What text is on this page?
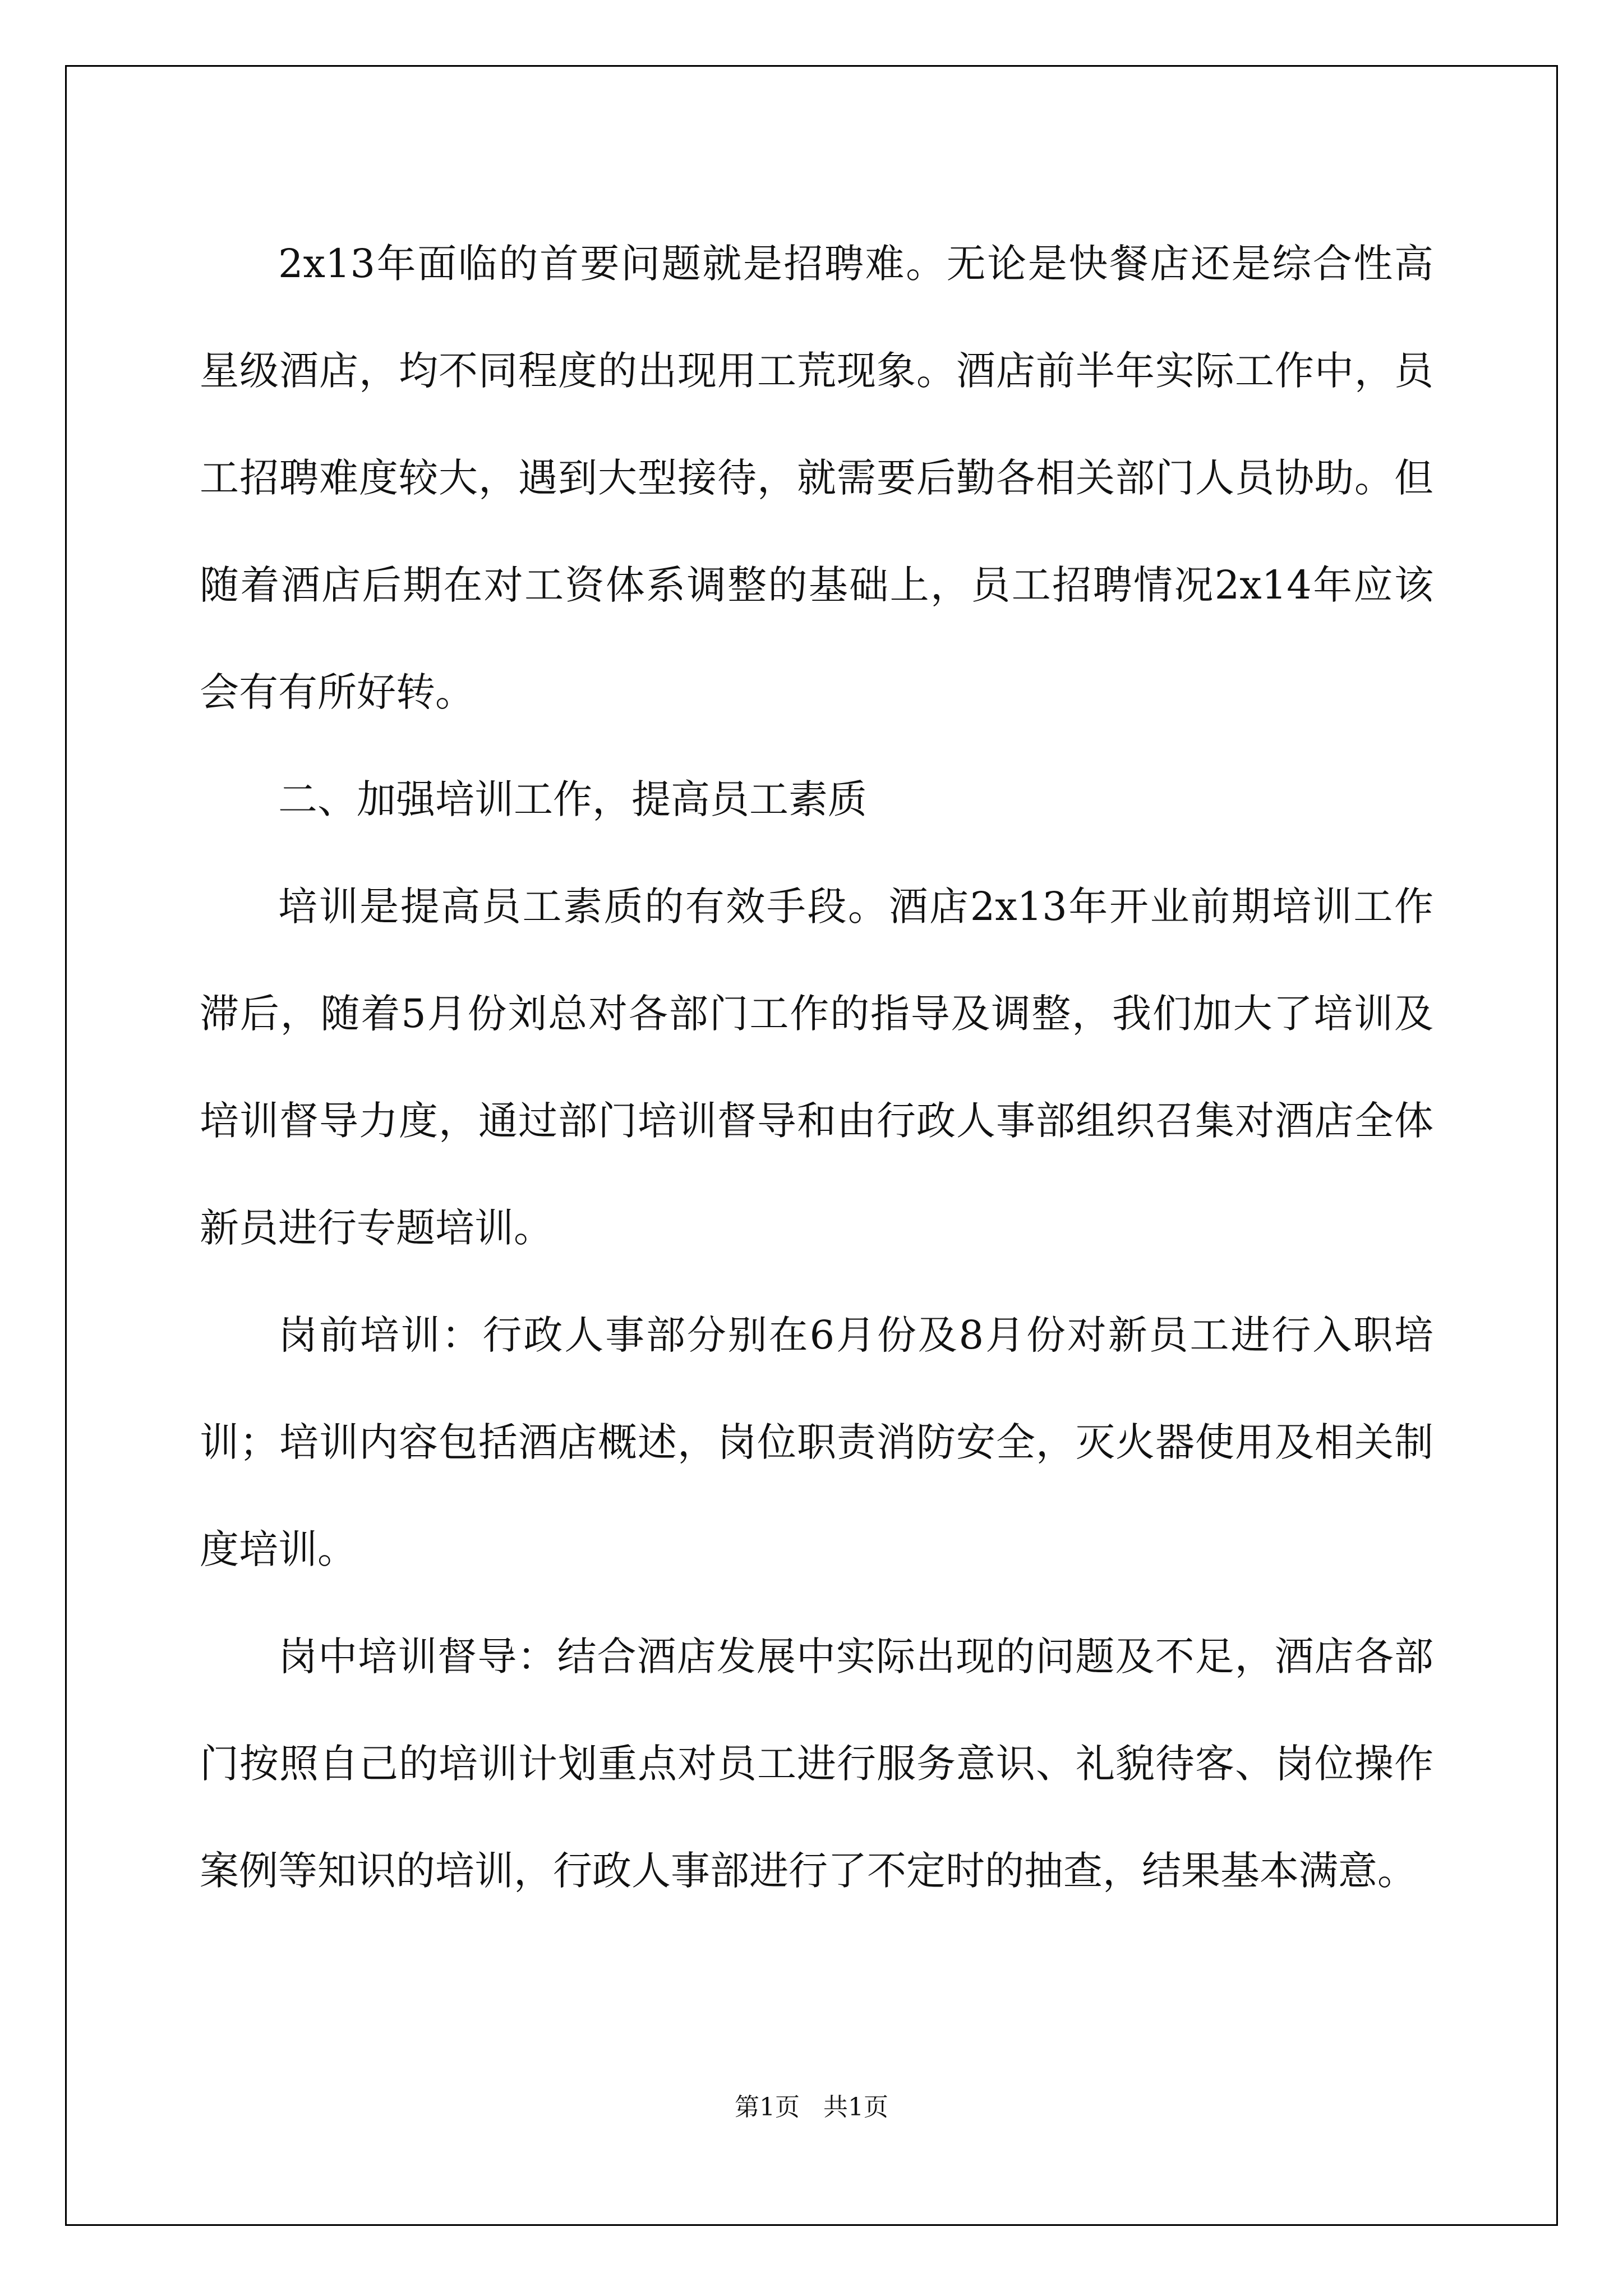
2x13年面临的首要问题就是招聘难。无论是快餐店还是综合性高星级酒店，均不同程度的出现用工荒现象。酒店前半年实际工作中，员工招聘难度较大，遇到大型接待，就需要后勤各相关部门人员协助。但随着酒店后期在对工资体系调整的基础上，员工招聘情况2x14年应该会有有所好转。

二、加强培训工作，提高员工素质

培训是提高员工素质的有效手段。酒店2x13年开业前期培训工作滞后，随着5月份刘总对各部门工作的指导及调整，我们加大了培训及培训督导力度，通过部门培训督导和由行政人事部组织召集对酒店全体新员进行专题培训。

岗前培训：行政人事部分别在6月份及8月份对新员工进行入职培训；培训内容包括酒店概述，岗位职责消防安全，灭火器使用及相关制度培训。

岗中培训督导：结合酒店发展中实际出现的问题及不足，酒店各部门按照自己的培训计划重点对员工进行服务意识、礼貌待客、岗位操作案例等知识的培训，行政人事部进行了不定时的抽查，结果基本满意。

第1页   共1页
